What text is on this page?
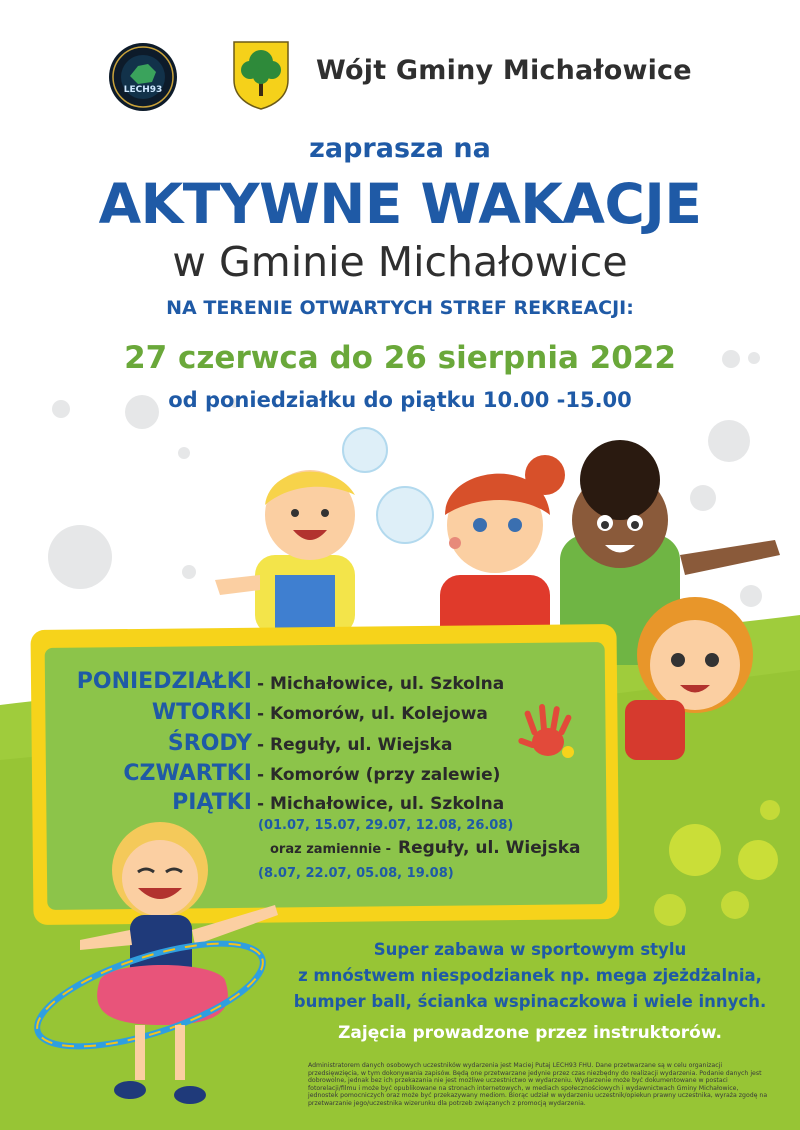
LECH93
Wójt Gminy Michałowice
zaprasza na
AKTYWNE WAKACJE
w Gminie Michałowice
NA TERENIE OTWARTYCH STREF REKREACJI:
27 czerwca do 26 sierpnia 2022
od poniedziałku do piątku 10.00 -15.00
PONIEDZIAŁKI - Michałowice, ul. Szkolna
WTORKI - Komorów, ul. Kolejowa
ŚRODY - Reguły, ul. Wiejska
CZWARTKI - Komorów (przy zalewie)
PIĄTKI - Michałowice, ul. Szkolna
(01.07, 15.07, 29.07, 12.08, 26.08)
oraz zamiennie - Reguły, ul. Wiejska
(8.07, 22.07, 05.08, 19.08)
Super zabawa w sportowym stylu
z mnóstwem niespodzianek np. mega zjeżdżalnia,
bumper ball, ścianka wspinaczkowa i wiele innych.
Zajęcia prowadzone przez instruktorów.
Administratorem danych osobowych uczestników wydarzenia jest Maciej Putaj LECH93 FHU. Dane przetwarzane są w celu organizacji przedsięwzięcia, w tym dokonywania zapisów. Będą one przetwarzane jedynie przez czas niezbędny do realizacji wydarzenia. Podanie danych jest dobrowolne, jednak bez ich przekazania nie jest możliwe uczestnictwo w wydarzeniu. Wydarzenie może być dokumentowane w postaci fotorelacji/filmu i może być opublikowane na stronach internetowych, w mediach społecznościowych i wydawnictwach Gminy Michałowice, jednostek pomocniczych oraz może być przekazywany mediom. Biorąc udział w wydarzeniu uczestnik/opiekun prawny uczestnika, wyraża zgodę na przetwarzanie jego/uczestnika wizerunku dla potrzeb związanych z promocją wydarzenia.
